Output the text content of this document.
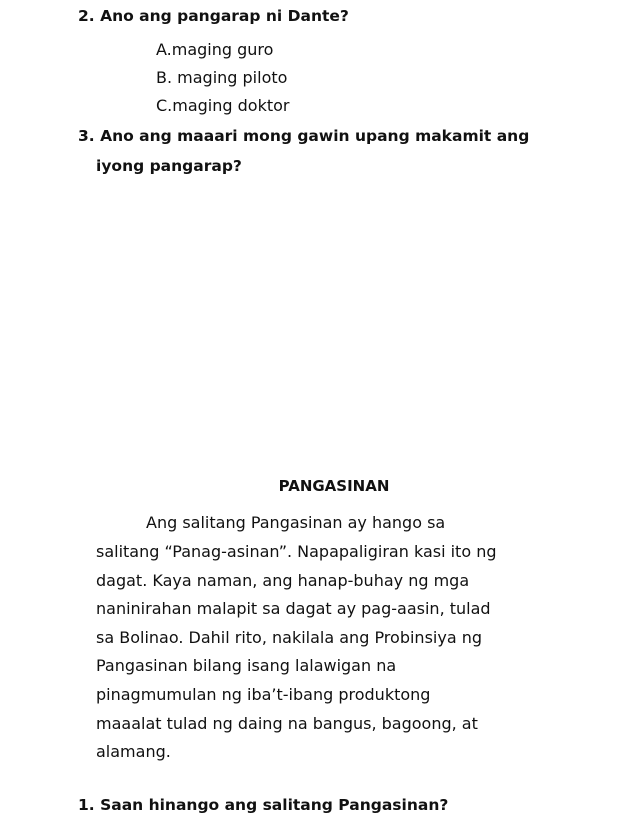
2. Ano ang pangarap ni Dante?
A.maging guro
B. maging piloto
C.maging doktor
3. Ano ang maaari mong gawin upang makamit ang
iyong pangarap?
PANGASINAN
Ang salitang Pangasinan ay hango sa
salitang “Panag-asinan”. Napapaligiran kasi ito ng
dagat. Kaya naman, ang hanap-buhay ng mga
naninirahan malapit sa dagat ay pag-aasin, tulad
sa Bolinao. Dahil rito, nakilala ang Probinsiya ng
Pangasinan bilang isang lalawigan na
pinagmumulan ng iba’t-ibang produktong
maaalat tulad ng daing na bangus, bagoong, at
alamang.
1. Saan hinango ang salitang Pangasinan?
